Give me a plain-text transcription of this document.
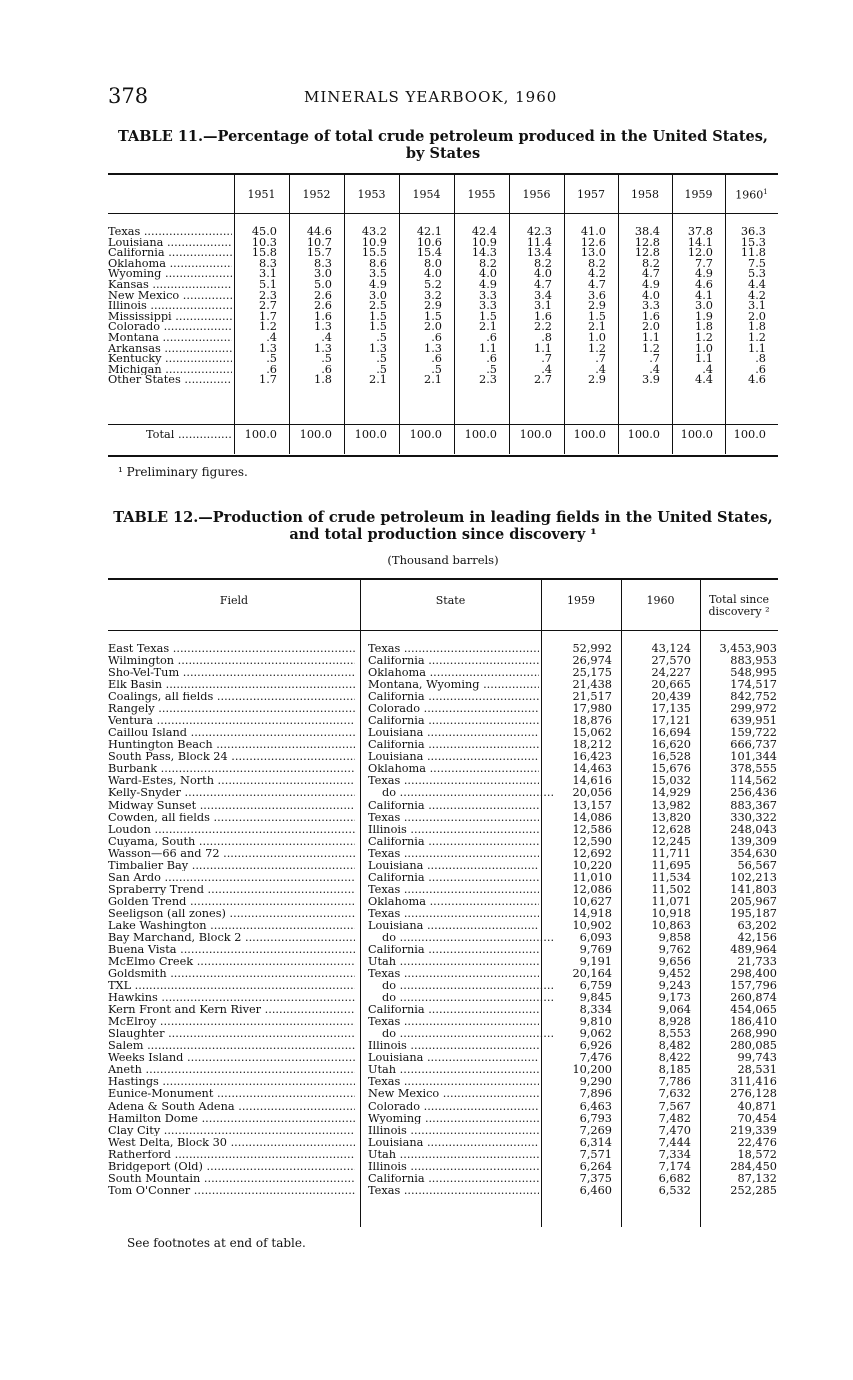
378	MINERALS YEARBOOK, 1960
TABLE 11.—Percentage of total crude petroleum produced in the United States,
by States
1951	1952	1953	1954	1955	1956	1957	1958	1959	1960$^1$
Texas .....	45.0	44.6	43.2	42.1	42.4	42.3	41.0	38.4	37.8	36.3
Louisiana .....	10.3	10.7	10.9	10.6	10.9	11.4	12.6	12.8	14.1	15.3
California .....	15.8	15.7	15.5	15.4	14.3	13.4	13.0	12.8	12.0	11.8
Oklahoma .....	8.3	8.3	8.6	8.0	8.2	8.2	8.2	8.2	7.7	7.5
Wyoming .....	3.1	3.0	3.5	4.0	4.0	4.0	4.2	4.7	4.9	5.3
Kansas .....	5.1	5.0	4.9	5.2	4.9	4.7	4.7	4.9	4.6	4.4
New Mexico .....	2.3	2.6	3.0	3.2	3.3	3.4	3.6	4.0	4.1	4.2
Illinois .....	2.7	2.6	2.5	2.9	3.3	3.1	2.9	3.3	3.0	3.1
Mississippi .....	1.7	1.6	1.5	1.5	1.5	1.6	1.5	1.6	1.9	2.0
Colorado .....	1.2	1.3	1.5	2.0	2.1	2.2	2.1	2.0	1.8	1.8
Montana .....	.4	.4	.5	.6	.6	.8	1.0	1.1	1.2	1.2
Arkansas .....	1.3	1.3	1.3	1.3	1.1	1.1	1.2	1.2	1.0	1.1
Kentucky .....	.5	.5	.5	.6	.6	.7	.7	.7	1.1	.8
Michigan .....	.6	.6	.5	.5	.5	.4	.4	.4	.4	.6
Other States .....	1.7	1.8	2.1	2.1	2.3	2.7	2.9	3.9	4.4	4.6
Total .....	100.0	100.0	100.0	100.0	100.0	100.0	100.0	100.0	100.0	100.0
¹ Preliminary figures.
TABLE 12.—Production of crude petroleum in leading fields in the United States,
and total production since discovery ¹
(Thousand barrels)
Field	State	1959	1960	Total since
discovery ²
East Texas .....	Texas .....	52,992	43,124	3,453,903
Wilmington .....	California .....	26,974	27,570	883,953
Sho-Vel-Tum .....	Oklahoma .....	25,175	24,227	548,995
Elk Basin .....	Montana, Wyoming .....	21,438	20,665	174,517
Coalings, all fields .....	California .....	21,517	20,439	842,752
Rangely .....	Colorado .....	17,980	17,135	299,972
Ventura .....	California .....	18,876	17,121	639,951
Caillou Island .....	Louisiana .....	15,062	16,694	159,722
Huntington Beach .....	California .....	18,212	16,620	666,737
South Pass, Block 24 .....	Louisiana .....	16,423	16,528	101,344
Burbank .....	Oklahoma .....	14,463	15,676	378,555
Ward-Estes, North .....	Texas .....	14,616	15,032	114,562
Kelly-Snyder .....	do .....	20,056	14,929	256,436
Midway Sunset .....	California .....	13,157	13,982	883,367
Cowden, all fields .....	Texas .....	14,086	13,820	330,322
Loudon .....	Illinois .....	12,586	12,628	248,043
Cuyama, South .....	California .....	12,590	12,245	139,309
Wasson—66 and 72 .....	Texas .....	12,692	11,711	354,630
Timbalier Bay .....	Louisiana .....	10,220	11,695	56,567
San Ardo .....	California .....	11,010	11,534	102,213
Spraberry Trend .....	Texas .....	12,086	11,502	141,803
Golden Trend .....	Oklahoma .....	10,627	11,071	205,967
Seeligson (all zones) .....	Texas .....	14,918	10,918	195,187
Lake Washington .....	Louisiana .....	10,902	10,863	63,202
Bay Marchand, Block 2 .....	do .....	6,093	9,858	42,156
Buena Vista .....	California .....	9,769	9,762	489,964
McElmo Creek .....	Utah .....	9,191	9,656	21,733
Goldsmith .....	Texas .....	20,164	9,452	298,400
TXL .....	do .....	6,759	9,243	157,796
Hawkins .....	do .....	9,845	9,173	260,874
Kern Front and Kern River .....	California .....	8,334	9,064	454,065
McElroy .....	Texas .....	9,810	8,928	186,410
Slaughter .....	do .....	9,062	8,553	268,990
Salem .....	Illinois .....	6,926	8,482	280,085
Weeks Island .....	Louisiana .....	7,476	8,422	99,743
Aneth .....	Utah .....	10,200	8,185	28,531
Hastings .....	Texas .....	9,290	7,786	311,416
Eunice-Monument .....	New Mexico .....	7,896	7,632	276,128
Adena & South Adena .....	Colorado .....	6,463	7,567	40,871
Hamilton Dome .....	Wyoming .....	6,793	7,482	70,454
Clay City .....	Illinois .....	7,269	7,470	219,339
West Delta, Block 30 .....	Louisiana .....	6,314	7,444	22,476
Ratherford .....	Utah .....	7,571	7,334	18,572
Bridgeport (Old) .....	Illinois .....	6,264	7,174	284,450
South Mountain .....	California .....	7,375	6,682	87,132
Tom O'Conner .....	Texas .....	6,460	6,532	252,285
See footnotes at end of table.
